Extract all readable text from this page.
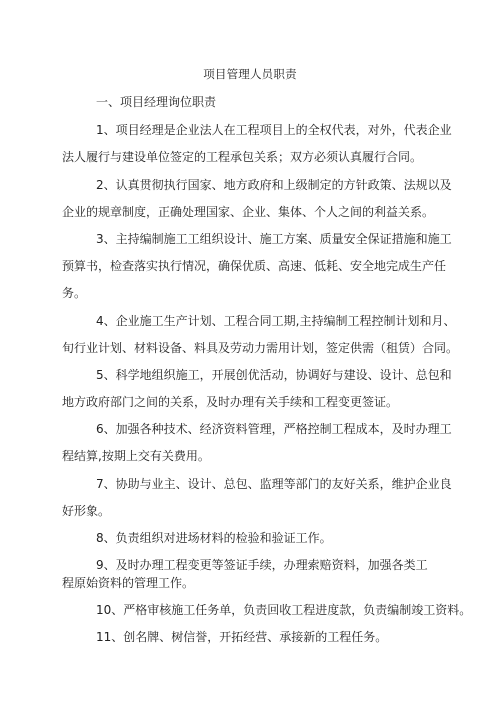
项目管理人员职责
一、项目经理询位职责
1、项目经理是企业法人在工程项目上的全权代表，对外，代表企业
法人履行与建设单位签定的工程承包关系；双方必须认真履行合同。
2、认真贯彻执行国家、地方政府和上级制定的方针政策、法规以及
企业的规章制度，正确处理国家、企业、集体、个人之间的利益关系。
3、主持编制施工工组织设计、施工方案、质量安全保证措施和施工
预算书，检查落实执行情况，确保优质、高速、低耗、安全地完成生产任
务。
4、企业施工生产计划、工程合同工期,主持编制工程控制计划和月、
旬行业计划、材料设备、料具及劳动力需用计划，签定供需（租赁）合同。
5、科学地组织施工，开展创优活动，协调好与建设、设计、总包和
地方政府部门之间的关系，及时办理有关手续和工程变更签证。
6、加强各种技术、经济资料管理，严格控制工程成本，及时办理工
程结算,按期上交有关费用。
7、协助与业主、设计、总包、监理等部门的友好关系，维护企业良
好形象。
8、负责组织对进场材料的检验和验证工作。
9、及时办理工程变更等签证手续，办理索赔资料，加强各类工
程原始资料的管理工作。
10、严格审核施工任务单，负责回收工程进度款，负责编制竣工资料。
11、创名牌、树信誉，开拓经营、承接新的工程任务。
